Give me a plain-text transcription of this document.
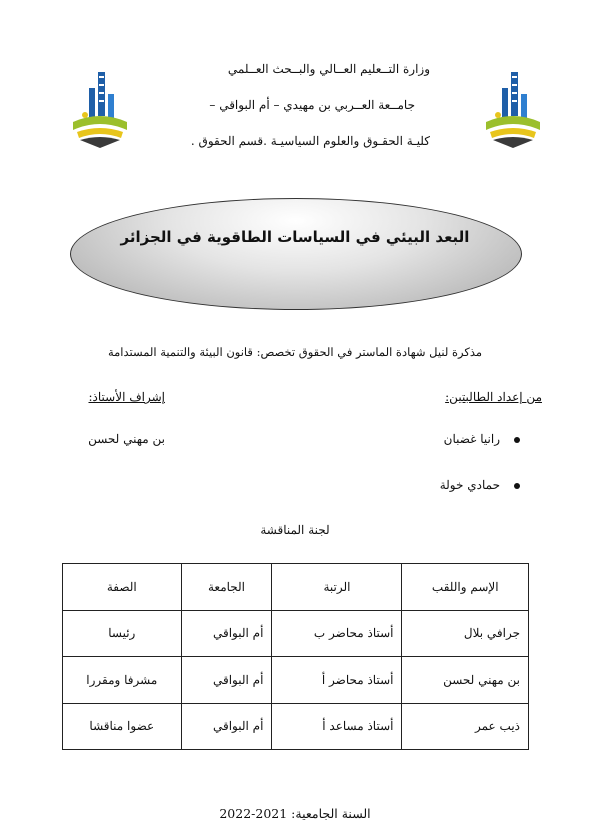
وزارة التــعليم العــالي والبــحث العــلمي
جامــعة العــربي بن مهيدي – أم البواقي –
كليـة الحقـوق والعلوم السياسيـة .قسم الحقوق .
البعد البيئي في السياسات الطاقوية في الجزائر
مذكرة لنيل شهادة الماستر في الحقوق تخصص: قانون البيئة والتنمية المستدامة
من إعداد الطالبتين:
إشراف الأستاذ:
رانيا غضبان
حمادي خولة
بن مهني لحسن
لجنة المناقشة
الإسم واللقب	الرتبة	الجامعة	الصفة
جرافي بلال	أستاذ محاضر ب	أم البواقي	رئيسا
بن مهني لحسن	أستاذ محاضر أ	أم البواقي	مشرفا ومقررا
ذيب عمر	أستاذ مساعد أ	أم البواقي	عضوا مناقشا
السنة الجامعية: 2021-2022
